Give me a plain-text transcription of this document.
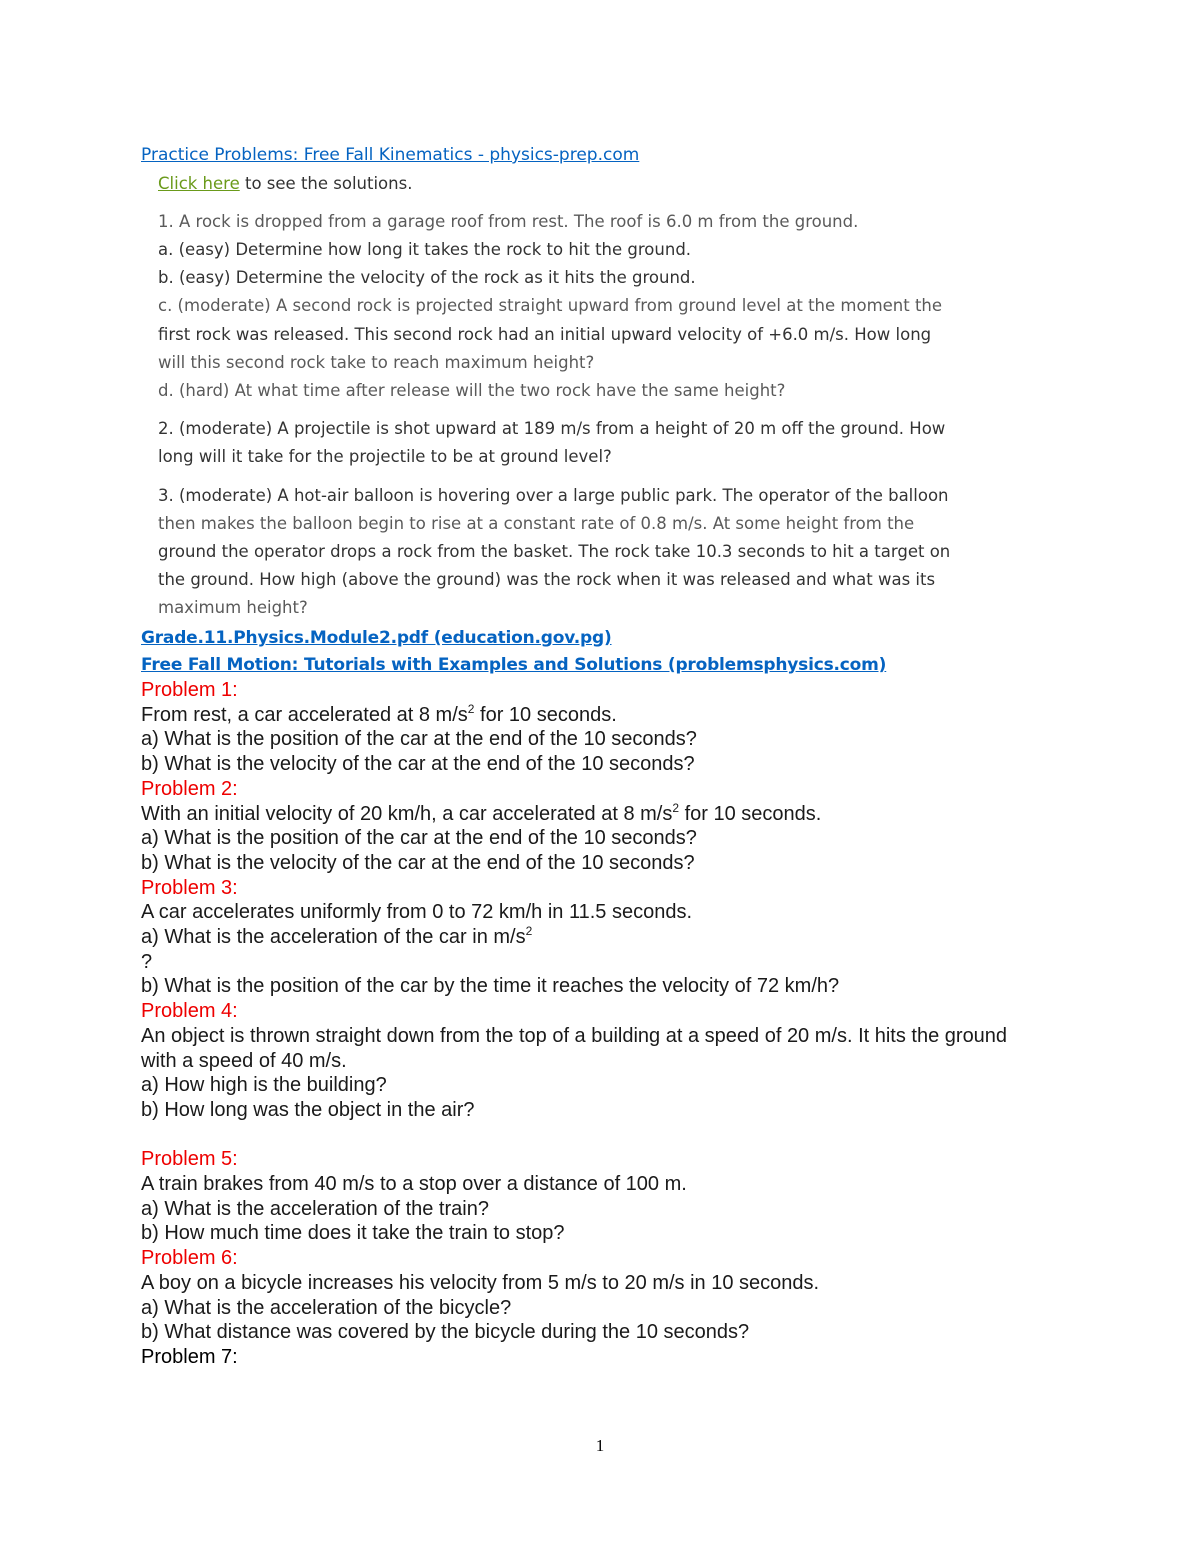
Practice Problems: Free Fall Kinematics - physics-prep.com
Click here to see the solutions.
1. A rock is dropped from a garage roof from rest. The roof is 6.0 m from the ground.
a. (easy) Determine how long it takes the rock to hit the ground.
b. (easy) Determine the velocity of the rock as it hits the ground.
c. (moderate) A second rock is projected straight upward from ground level at the moment the
first rock was released. This second rock had an initial upward velocity of +6.0 m/s. How long
will this second rock take to reach maximum height?
d. (hard) At what time after release will the two rock have the same height?
2. (moderate) A projectile is shot upward at 189 m/s from a height of 20 m off the ground. How
long will it take for the projectile to be at ground level?
3. (moderate) A hot-air balloon is hovering over a large public park. The operator of the balloon
then makes the balloon begin to rise at a constant rate of 0.8 m/s. At some height from the
ground the operator drops a rock from the basket. The rock take 10.3 seconds to hit a target on
the ground. How high (above the ground) was the rock when it was released and what was its
maximum height?
Grade.11.Physics.Module2.pdf (education.gov.pg)
Free Fall Motion: Tutorials with Examples and Solutions (problemsphysics.com)
Problem 1:
From rest, a car accelerated at 8 $m/s^2$ for 10 seconds.
a) What is the position of the car at the end of the 10 seconds?
b) What is the velocity of the car at the end of the 10 seconds?
Problem 2:
With an initial velocity of 20 km/h, a car accelerated at 8 $m/s^2$ for 10 seconds.
a) What is the position of the car at the end of the 10 seconds?
b) What is the velocity of the car at the end of the 10 seconds?
Problem 3:
A car accelerates uniformly from 0 to 72 km/h in 11.5 seconds.
a) What is the acceleration of the car in $m/s^2$
?
b) What is the position of the car by the time it reaches the velocity of 72 km/h?
Problem 4:
An object is thrown straight down from the top of a building at a speed of 20 m/s. It hits the ground with a speed of 40 m/s.
a) How high is the building?
b) How long was the object in the air?
Problem 5:
A train brakes from 40 m/s to a stop over a distance of 100 m.
a) What is the acceleration of the train?
b) How much time does it take the train to stop?
Problem 6:
A boy on a bicycle increases his velocity from 5 m/s to 20 m/s in 10 seconds.
a) What is the acceleration of the bicycle?
b) What distance was covered by the bicycle during the 10 seconds?
Problem 7:
1
